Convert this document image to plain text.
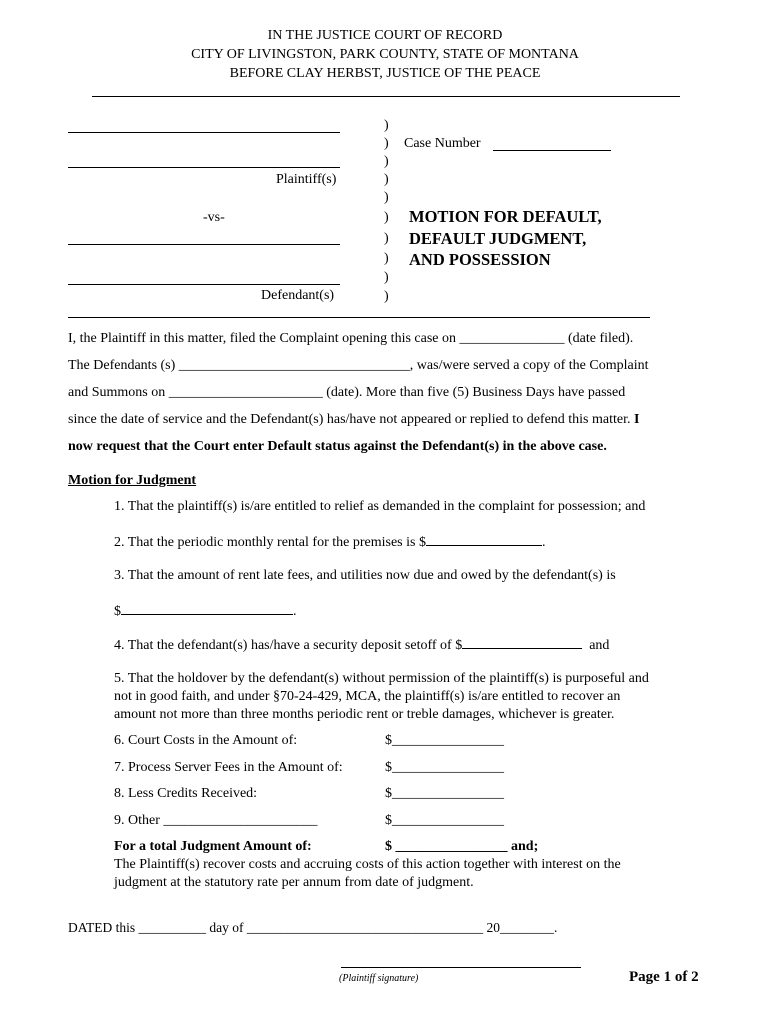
IN THE JUSTICE COURT OF RECORD
CITY OF LIVINGSTON, PARK COUNTY, STATE OF MONTANA
BEFORE CLAY HERBST, JUSTICE OF THE PEACE
Plaintiff(s)
-vs-
Defendant(s)
)
)
)
)
)
)
)
)
)
)
Case Number
MOTION FOR DEFAULT,
DEFAULT JUDGMENT,
AND POSSESSION
I, the Plaintiff in this matter, filed the Complaint opening this case on _______________ (date filed).
The Defendants (s) _________________________________, was/were served a copy of the Complaint
and Summons on ______________________ (date). More than five (5) Business Days have passed
since the date of service and the Defendant(s) has/have not appeared or replied to defend this matter. I
now request that the Court enter Default status against the Defendant(s) in the above case.
Motion for Judgment
1. That the plaintiff(s) is/are entitled to relief as demanded in the complaint for possession; and
2. That the periodic monthly rental for the premises is $	.
3. That the amount of rent late fees, and utilities now due and owed by the defendant(s) is
$	.
4. That the defendant(s) has/have a security deposit setoff of $	and
5. That the holdover by the defendant(s) without permission of the plaintiff(s) is purposeful and
not in good faith, and under §70-24-429, MCA, the plaintiff(s) is/are entitled to recover an
amount not more than three months periodic rent or treble damages, whichever is greater.
6. Court Costs in the Amount of:	$________________
7. Process Server Fees in the Amount of:	$________________
8. Less Credits Received:	$________________
9. Other ______________________	$________________
For a total Judgment Amount of:	$ ________________ and;
The Plaintiff(s) recover costs and accruing costs of this action together with interest on the
judgment at the statutory rate per annum from date of judgment.
DATED this __________ day of ___________________________________ 20________.
(Plaintiff signature)	Page 1 of 2
